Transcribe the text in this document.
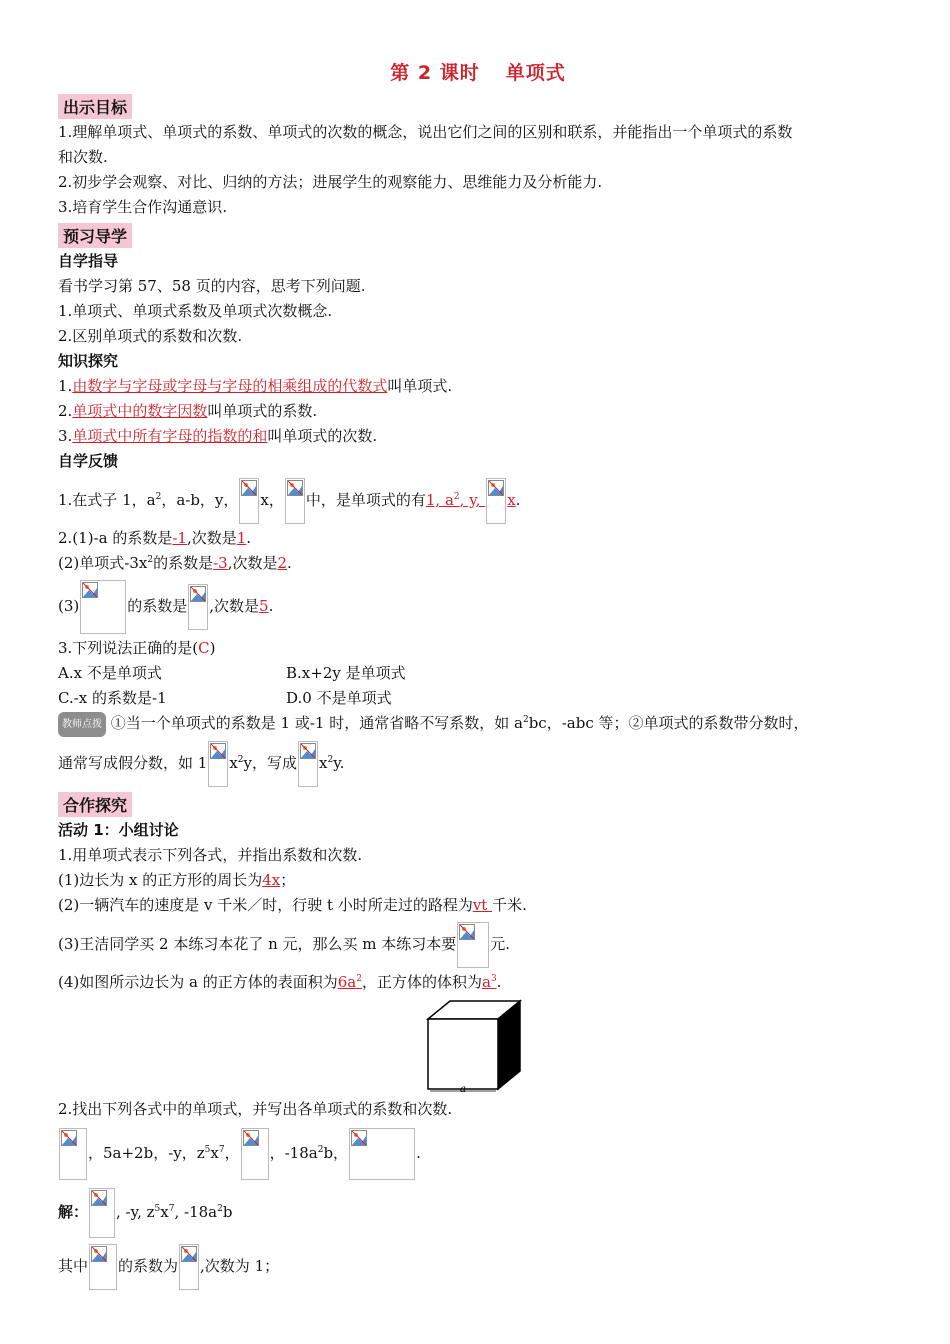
第 2 课时 单项式
出示目标
1.理解单项式、单项式的系数、单项式的次数的概念，说出它们之间的区别和联系，并能指出一个单项式的系数
和次数.
2.初步学会观察、对比、归纳的方法；进展学生的观察能力、思维能力及分析能力.
3.培育学生合作沟通意识.
预习导学
自学指导
看书学习第 57、58 页的内容，思考下列问题.
1.单项式、单项式系数及单项式次数概念.
2.区别单项式的系数和次数.
知识探究
1.由数字与字母或字母与字母的相乘组成的代数式叫单项式.
2.单项式中的数字因数叫单项式的系数.
3.单项式中所有字母的指数的和叫单项式的次数.
自学反馈
1.在式子 1，$a^2$，a-b，y， x， 中，是单项式的有1, $a^2$, y,
x.
2.(1)-a 的系数是-1,次数是1.
(2)单项式$-3x^2$的系数是-3,次数是2.
(3)	的系数是 ,次数是5.
3.下列说法正确的是(C)
A.x 不是单项式	B.x+2y 是单项式
C.-x 的系数是-1	D.0 不是单项式
教师点拨 ①当一个单项式的系数是 1 或-1 时，通常省略不写系数，如 $a^2bc$，-abc 等；②单项式的系数带分数时，
通常写成假分数，如 1 $x^2y$，写成 $x^2y$.
合作探究
活动 1：小组讨论
1.用单项式表示下列各式，并指出系数和次数.
(1)边长为 x 的正方形的周长为4x；
(2)一辆汽车的速度是 v 千米／时，行驶 t 小时所走过的路程为vt 千米.
(3)王洁同学买 2 本练习本花了 n 元，那么买 m 本练习本要 元.
(4)如图所示边长为 a 的正方体的表面积为$6a^2$，正方体的体积为$a^3$.
a
2.找出下列各式中的单项式，并写出各单项式的系数和次数.
，5a+2b，-y，$z^5x^7$， ，$-18a^2b$，	.
解： , -y, $z^5x^7$, $-18a^2b$
其中 的系数为 ,次数为 1；
